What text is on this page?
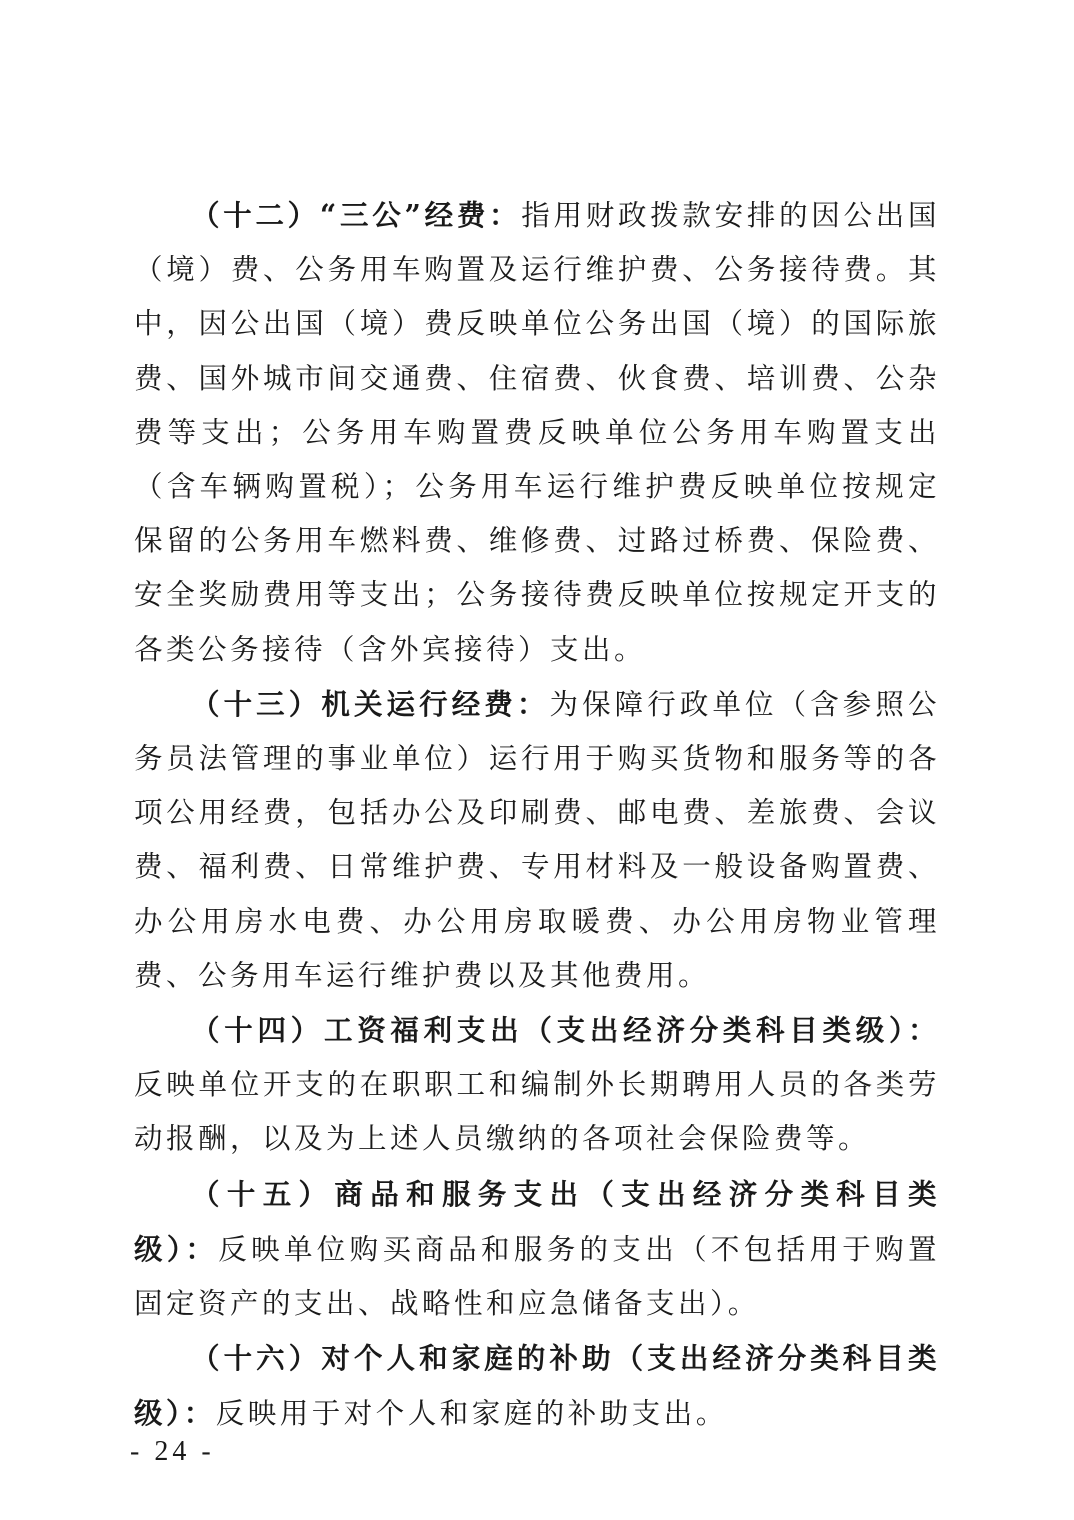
（十二）“三公”经费：指用财政拨款安排的因公出国（境）费、公务用车购置及运行维护费、公务接待费。其中，因公出国（境）费反映单位公务出国（境）的国际旅费、国外城市间交通费、住宿费、伙食费、培训费、公杂费等支出；公务用车购置费反映单位公务用车购置支出（含车辆购置税）；公务用车运行维护费反映单位按规定保留的公务用车燃料费、维修费、过路过桥费、保险费、安全奖励费用等支出；公务接待费反映单位按规定开支的各类公务接待（含外宾接待）支出。

（十三）机关运行经费：为保障行政单位（含参照公务员法管理的事业单位）运行用于购买货物和服务等的各项公用经费，包括办公及印刷费、邮电费、差旅费、会议费、福利费、日常维护费、专用材料及一般设备购置费、办公用房水电费、办公用房取暖费、办公用房物业管理费、公务用车运行维护费以及其他费用。

（十四）工资福利支出（支出经济分类科目类级）：反映单位开支的在职职工和编制外长期聘用人员的各类劳动报酬，以及为上述人员缴纳的各项社会保险费等。

（十五）商品和服务支出（支出经济分类科目类级）：反映单位购买商品和服务的支出（不包括用于购置固定资产的支出、战略性和应急储备支出）。

（十六）对个人和家庭的补助（支出经济分类科目类级）：反映用于对个人和家庭的补助支出。

- 24 -
